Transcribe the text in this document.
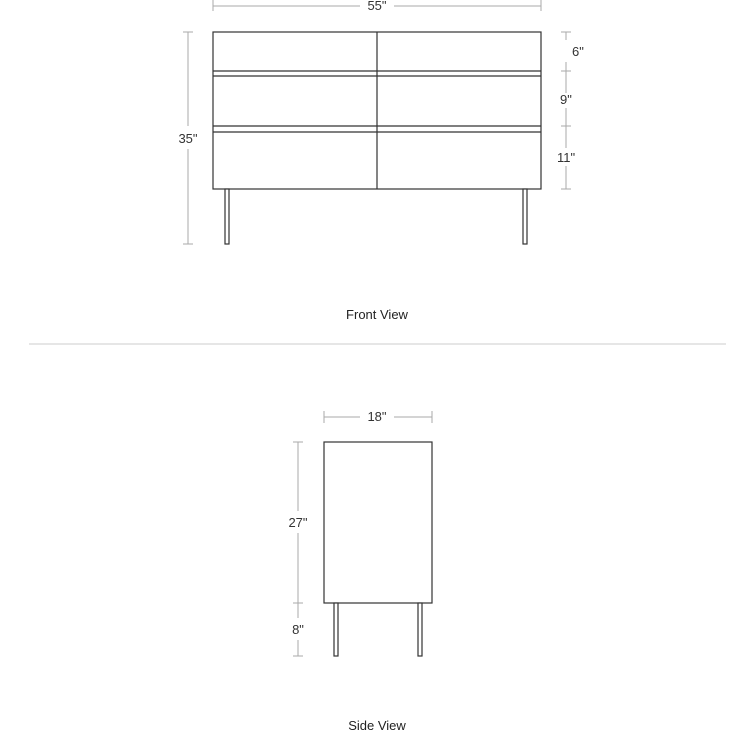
55"
35"
6"
9"
11"
Front View
18"
27"
8"
Side View
